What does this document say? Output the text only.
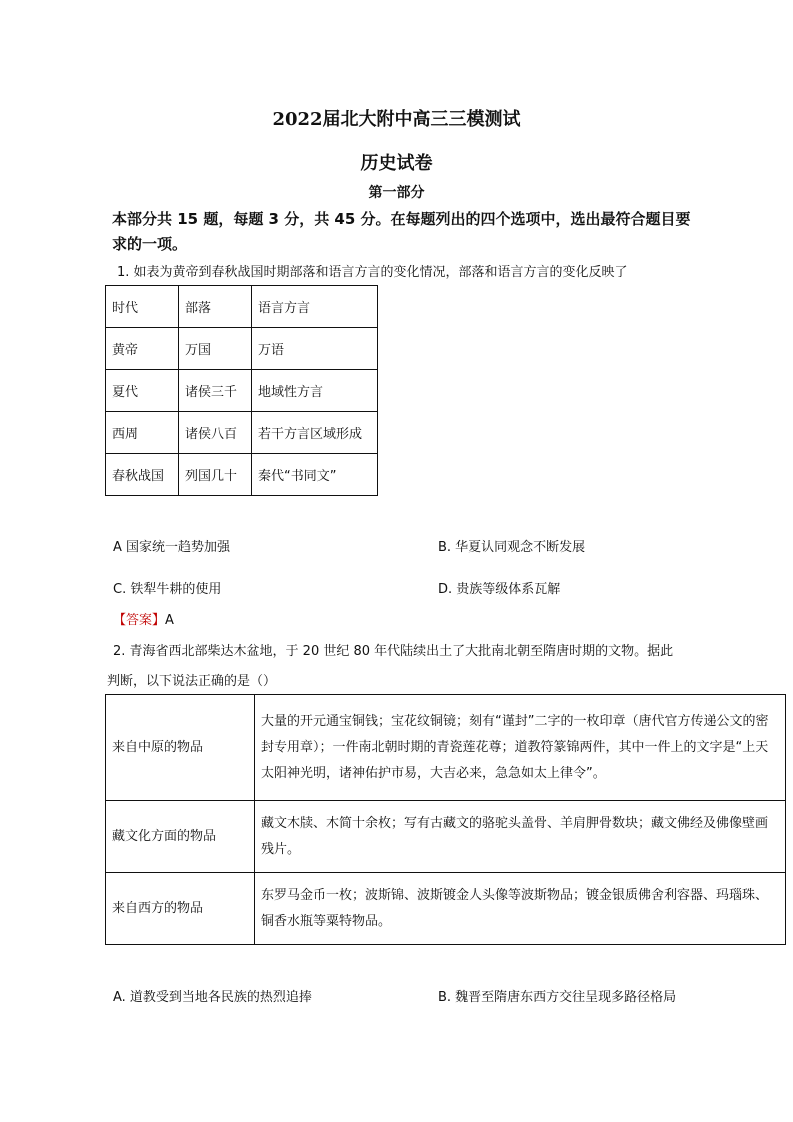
2022届北大附中高三三模测试
历史试卷
第一部分
本部分共 15 题，每题 3 分，共 45 分。在每题列出的四个选项中，选出最符合题目要
求的一项。
1. 如表为黄帝到春秋战国时期部落和语言方言的变化情况，部落和语言方言的变化反映了
时代	部落	语言方言
黄帝	万国	万语
夏代	诸侯三千	地域性方言
西周	诸侯八百	若干方言区域形成
春秋战国	列国几十	秦代“书同文”
A 国家统一趋势加强	B. 华夏认同观念不断发展
C. 铁犁牛耕的使用	D. 贵族等级体系瓦解
【答案】A
2. 青海省西北部柴达木盆地，于 20 世纪 80 年代陆续出土了大批南北朝至隋唐时期的文物。据此
判断，以下说法正确的是（）
来自中原的物品	大量的开元通宝铜钱；宝花纹铜镜；刻有“谨封”二字的一枚印章（唐代官方传递公文的密封专用章）；一件南北朝时期的青瓷莲花尊；道教符篆锦两件，其中一件上的文字是“上天太阳神光明，诸神佑护市易，大吉必来，急急如太上律令”。
藏文化方面的物品	藏文木牍、木简十余枚；写有古藏文的骆驼头盖骨、羊肩胛骨数块；藏文佛经及佛像壁画残片。
来自西方的物品	东罗马金币一枚；波斯锦、波斯镀金人头像等波斯物品；镀金银质佛舍利容器、玛瑙珠、铜香水瓶等粟特物品。
A. 道教受到当地各民族的热烈追捧	B. 魏晋至隋唐东西方交往呈现多路径格局
